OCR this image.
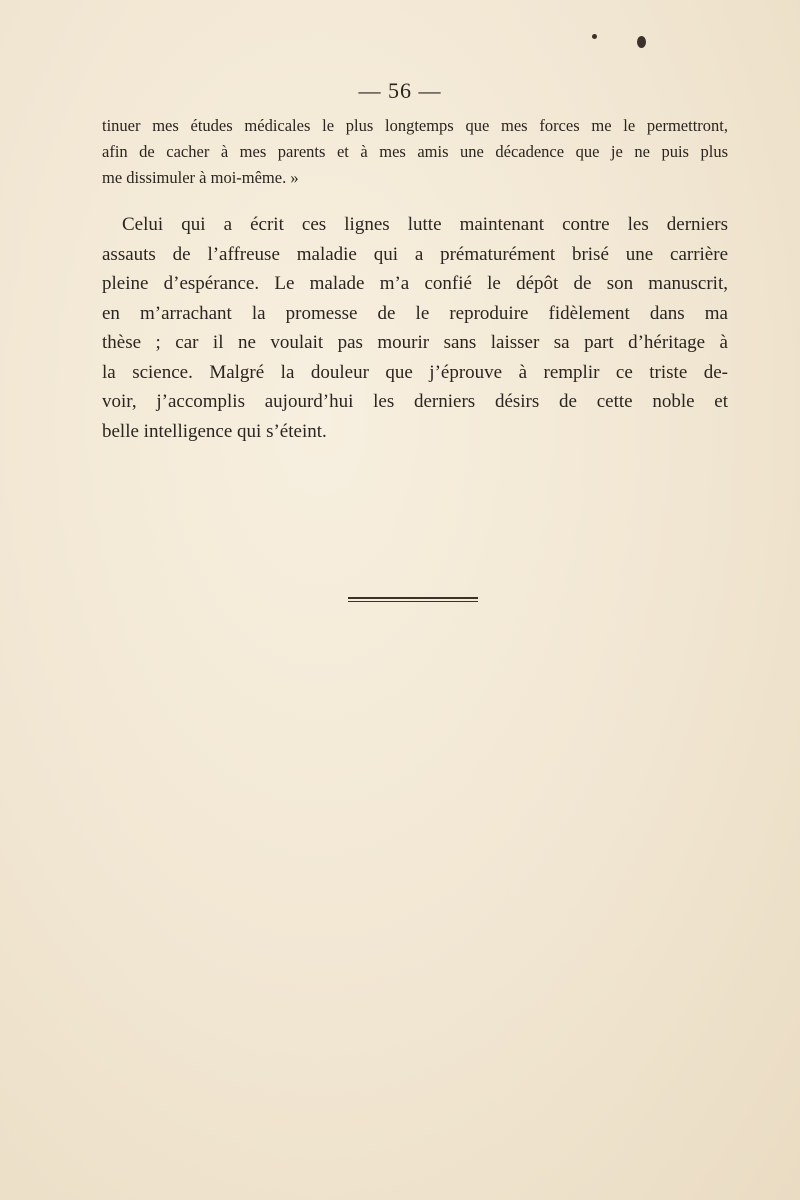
— 56 —
tinuer mes études médicales le plus longtemps que mes forces me le permettront,
afin de cacher à mes parents et à mes amis une décadence que je ne puis plus
me dissimuler à moi-même. »
Celui qui a écrit ces lignes lutte maintenant contre les derniers
assauts de l’affreuse maladie qui a prématurément brisé une carrière
pleine d’espérance. Le malade m’a confié le dépôt de son manuscrit,
en m’arrachant la promesse de le reproduire fidèlement dans ma
thèse ; car il ne voulait pas mourir sans laisser sa part d’héritage à
la science. Malgré la douleur que j’éprouve à remplir ce triste de-
voir, j’accomplis aujourd’hui les derniers désirs de cette noble et
belle intelligence qui s’éteint.
